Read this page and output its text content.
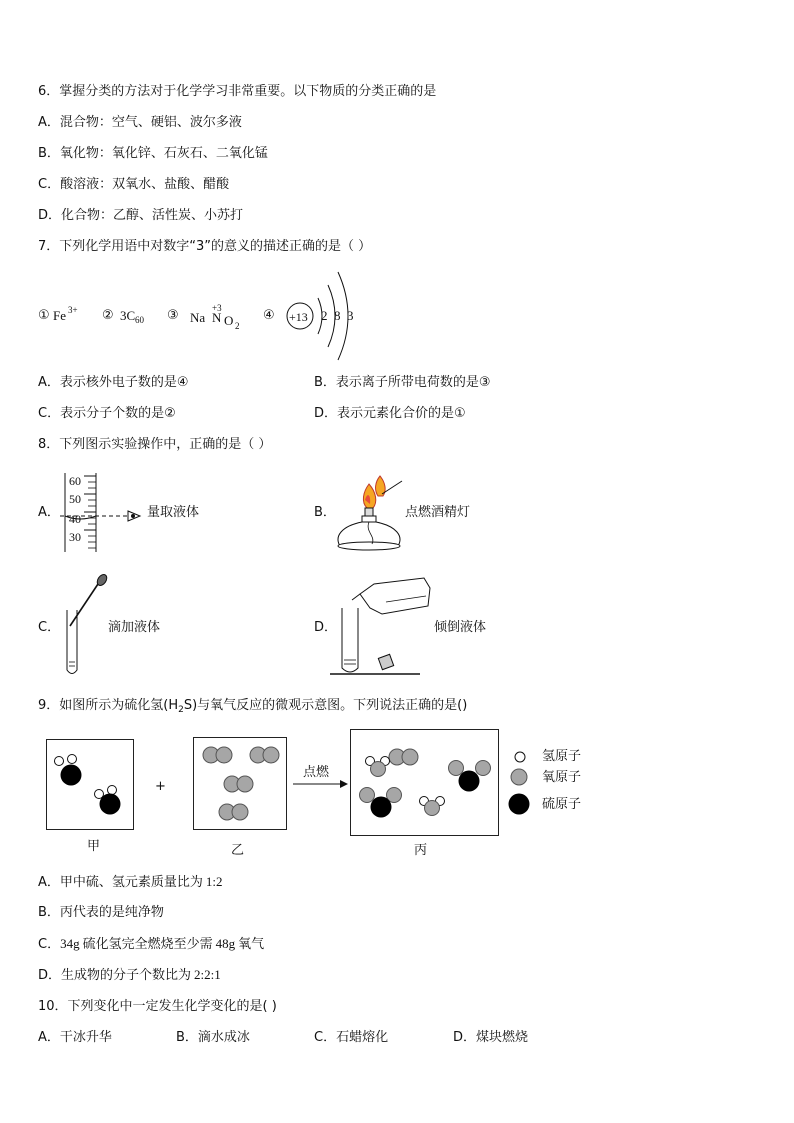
6．掌握分类的方法对于化学学习非常重要。以下物质的分类正确的是
A．混合物：空气、硬铝、波尔多液
B．氧化物：氧化锌、石灰石、二氧化锰
C．酸溶液：双氧水、盐酸、醋酸
D．化合物：乙醇、活性炭、小苏打
7．下列化学用语中对数字“3”的意义的描述正确的是（ ）
① Fe 3+ ② 3C 60 ③ Na
+3
N O 2
④ +13 2 8 3
A．表示核外电子数的是④	B．表示离子所带电荷数的是③
C．表示分子个数的是②	D．表示元素化合价的是①
8．下列图示实验操作中，正确的是（ ）
A．
60
50
40
30
量取液体	B．	点燃酒精灯
C．	滴加液体	D．	倾倒液体
9．如图所示为硫化氢$(H_2S)$与氧气反应的微观示意图。下列说法正确的是()
+
点燃
甲	乙	丙
氢原子
氧原子
硫原子
A．甲中硫、氢元素质量比为 1:2
B．丙代表的是纯净物
C．34g 硫化氢完全燃烧至少需 48g 氧气
D．生成物的分子个数比为 2:2:1
10．下列变化中一定发生化学变化的是( )
A．干冰升华	B．滴水成冰	C．石蜡熔化	D．煤块燃烧
